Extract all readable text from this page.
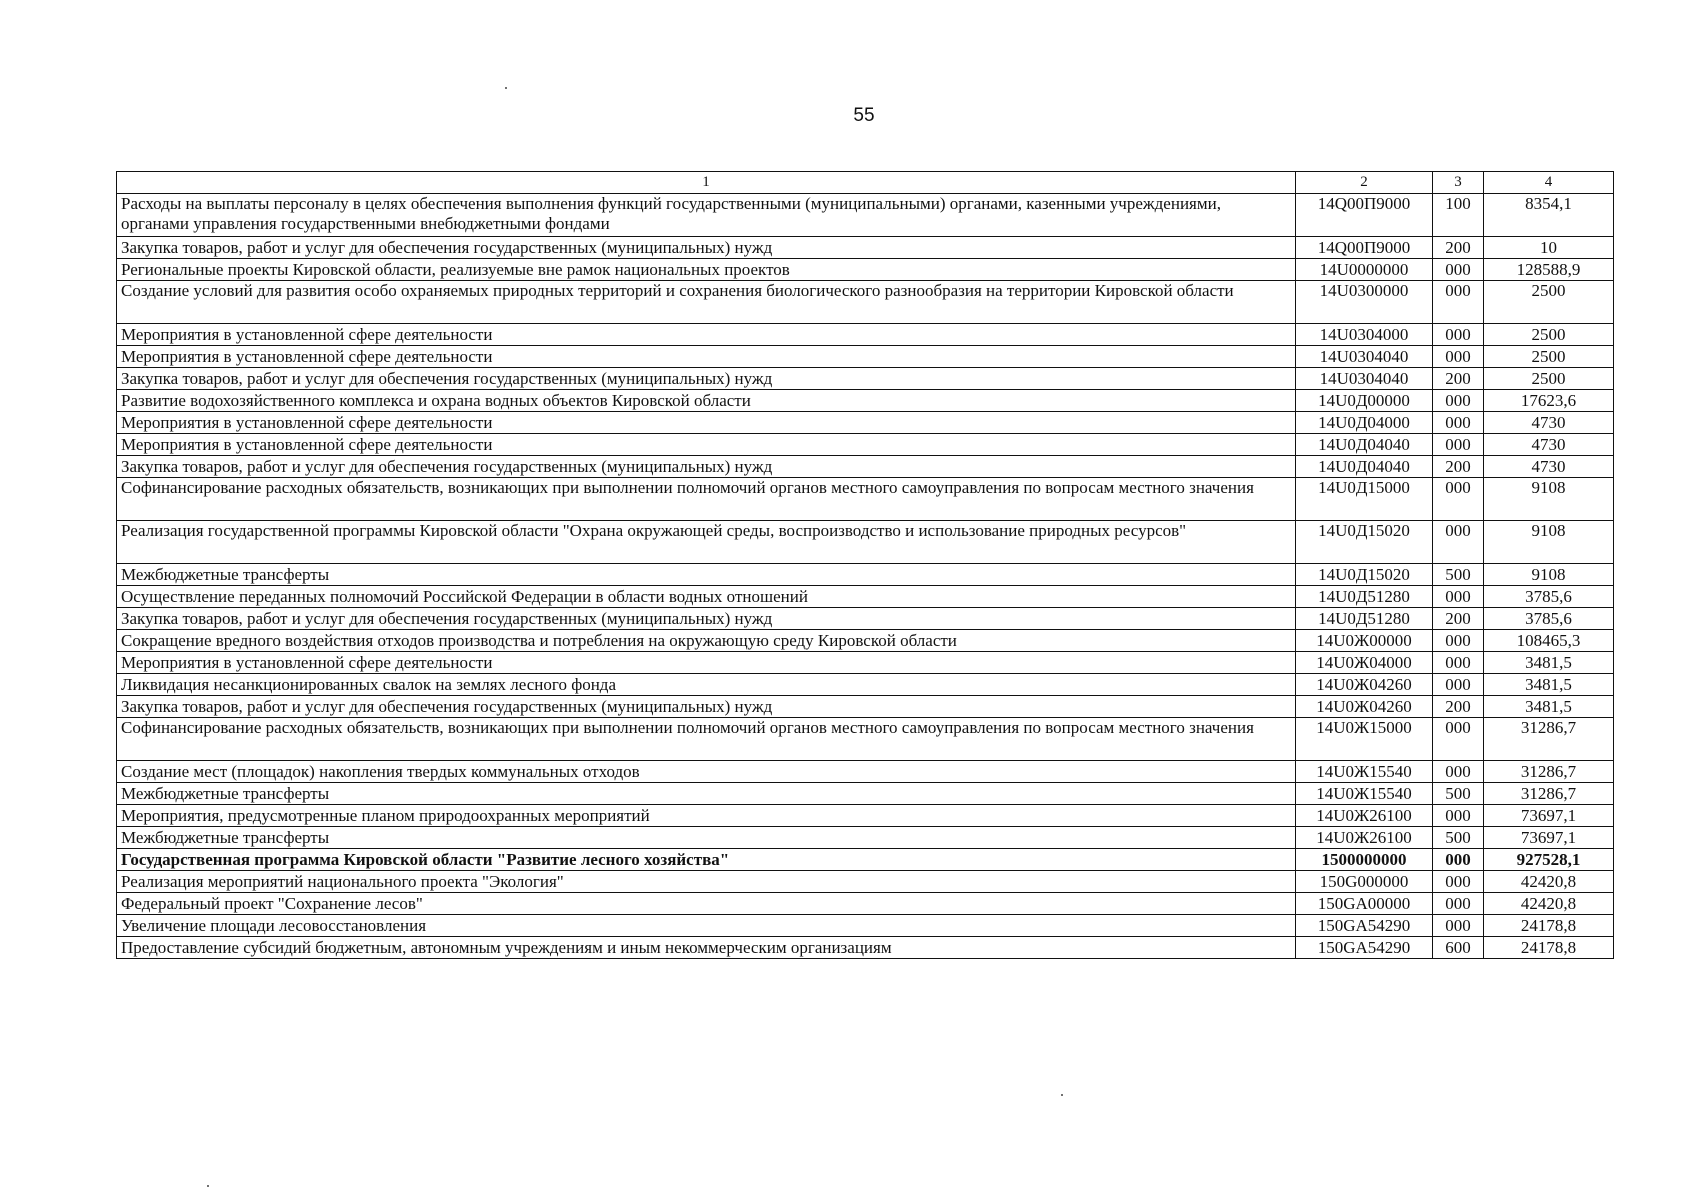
55
1	2	3	4
Расходы на выплаты персоналу в целях обеспечения выполнения функций государственными (муниципальными) органами, казенными учреждениями, органами управления государственными внебюджетными фондами	14Q00П9000	100	8354,1
Закупка товаров, работ и услуг для обеспечения государственных (муниципальных) нужд	14Q00П9000	200	10
Региональные проекты Кировской области, реализуемые вне рамок национальных проектов	14U0000000	000	128588,9
Создание условий для развития особо охраняемых природных территорий и сохранения биологического разнообразия на территории Кировской области	14U0300000	000	2500
Мероприятия в установленной сфере деятельности	14U0304000	000	2500
Мероприятия в установленной сфере деятельности	14U0304040	000	2500
Закупка товаров, работ и услуг для обеспечения государственных (муниципальных) нужд	14U0304040	200	2500
Развитие водохозяйственного комплекса и охрана водных объектов Кировской области	14U0Д00000	000	17623,6
Мероприятия в установленной сфере деятельности	14U0Д04000	000	4730
Мероприятия в установленной сфере деятельности	14U0Д04040	000	4730
Закупка товаров, работ и услуг для обеспечения государственных (муниципальных) нужд	14U0Д04040	200	4730
Софинансирование расходных обязательств, возникающих при выполнении полномочий органов местного самоуправления по вопросам местного значения	14U0Д15000	000	9108
Реализация государственной программы Кировской области "Охрана окружающей среды, воспроизводство и использование природных ресурсов"	14U0Д15020	000	9108
Межбюджетные трансферты	14U0Д15020	500	9108
Осуществление переданных полномочий Российской Федерации в области водных отношений	14U0Д51280	000	3785,6
Закупка товаров, работ и услуг для обеспечения государственных (муниципальных) нужд	14U0Д51280	200	3785,6
Сокращение вредного воздействия отходов производства и потребления на окружающую среду Кировской области	14U0Ж00000	000	108465,3
Мероприятия в установленной сфере деятельности	14U0Ж04000	000	3481,5
Ликвидация несанкционированных свалок на землях лесного фонда	14U0Ж04260	000	3481,5
Закупка товаров, работ и услуг для обеспечения государственных (муниципальных) нужд	14U0Ж04260	200	3481,5
Софинансирование расходных обязательств, возникающих при выполнении полномочий органов местного самоуправления по вопросам местного значения	14U0Ж15000	000	31286,7
Создание мест (площадок) накопления твердых коммунальных отходов	14U0Ж15540	000	31286,7
Межбюджетные трансферты	14U0Ж15540	500	31286,7
Мероприятия, предусмотренные планом природоохранных мероприятий	14U0Ж26100	000	73697,1
Межбюджетные трансферты	14U0Ж26100	500	73697,1
Государственная программа Кировской области "Развитие лесного хозяйства"	1500000000	000	927528,1
Реализация мероприятий национального проекта "Экология"	150G000000	000	42420,8
Федеральный проект "Сохранение лесов"	150GA00000	000	42420,8
Увеличение площади лесовосстановления	150GA54290	000	24178,8
Предоставление субсидий бюджетным, автономным учреждениям и иным некоммерческим организациям	150GA54290	600	24178,8
